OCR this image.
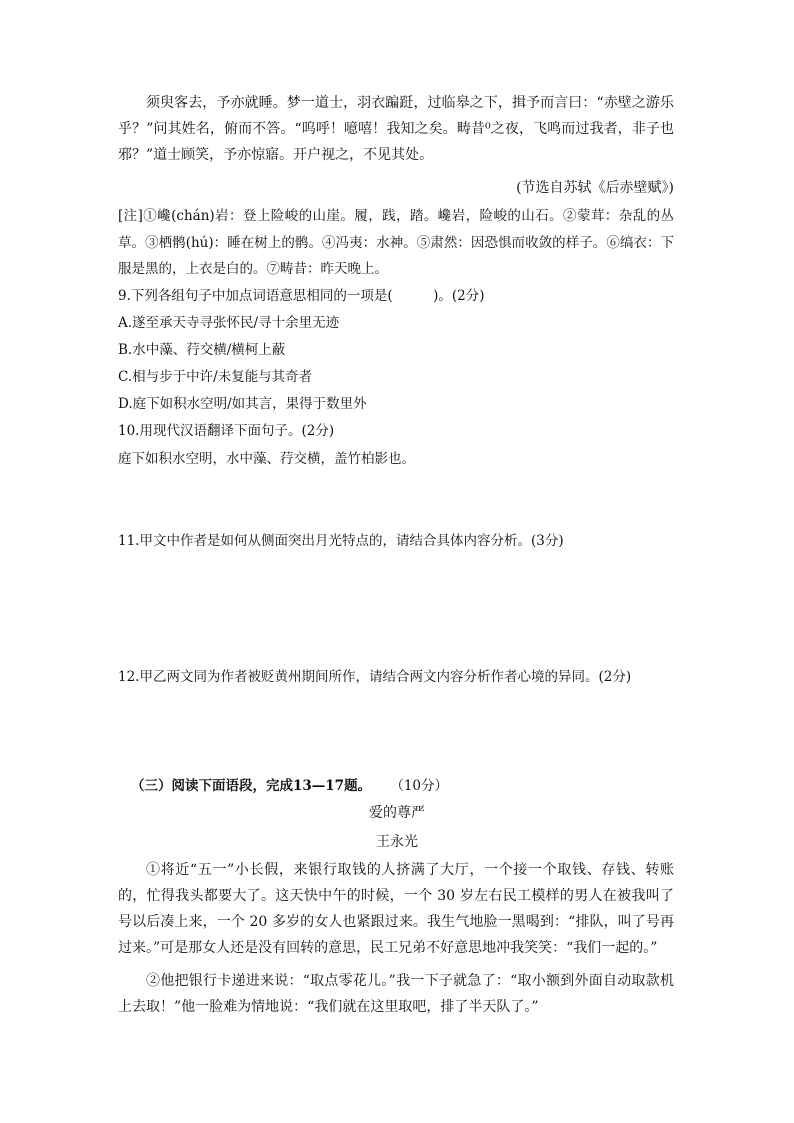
须臾客去，予亦就睡。梦一道士，羽衣蹁跹，过临皋之下，揖予而言曰：“赤壁之游乐乎？”问其姓名，俯而不答。“呜呼！噫嘻！我知之矣。畴昔⁰之夜，飞鸣而过我者，非子也邪？”道士顾笑，予亦惊寤。开户视之，不见其处。

(节选自苏轼《后赤壁赋》)

[注]①巉(chán)岩：登上险峻的山崖。履，践，踏。巉岩，险峻的山石。②蒙茸：杂乱的丛草。③栖鹘(hú)：睡在树上的鹘。④冯夷：水神。⑤肃然：因恐惧而收敛的样子。⑥缟衣：下服是黑的，上衣是白的。⑦畴昔：昨天晚上。

9.下列各组句子中加点词语意思相同的一项是(　　　)。(2分)
A.遂至承天寺寻张怀民/寻十余里无迹
B.水中藻、荇交横/横柯上蔽
C.相与步于中许/未复能与其奇者
D.庭下如积水空明/如其言，果得于数里外
10.用现代汉语翻译下面句子。(2分)
庭下如积水空明，水中藻、荇交横，盖竹柏影也。
11.甲文中作者是如何从侧面突出月光特点的，请结合具体内容分析。(3分)
12.甲乙两文同为作者被贬黄州期间所作，请结合两文内容分析作者心境的异同。(2分)
（三）阅读下面语段，完成13—17题。 （10分）
爱的尊严
王永光

①将近“五一”小长假，来银行取钱的人挤满了大厅，一个接一个取钱、存钱、转账的，忙得我头都要大了。这天快中午的时候，一个 30 岁左右民工模样的男人在被我叫了号以后凑上来，一个 20 多岁的女人也紧跟过来。我生气地脸一黑喝到：“排队，叫了号再过来。”可是那女人还是没有回转的意思，民工兄弟不好意思地冲我笑笑：“我们一起的。”

②他把银行卡递进来说：“取点零花儿。”我一下子就急了：“取小额到外面自动取款机上去取！”他一脸难为情地说：“我们就在这里取吧，排了半天队了。”
